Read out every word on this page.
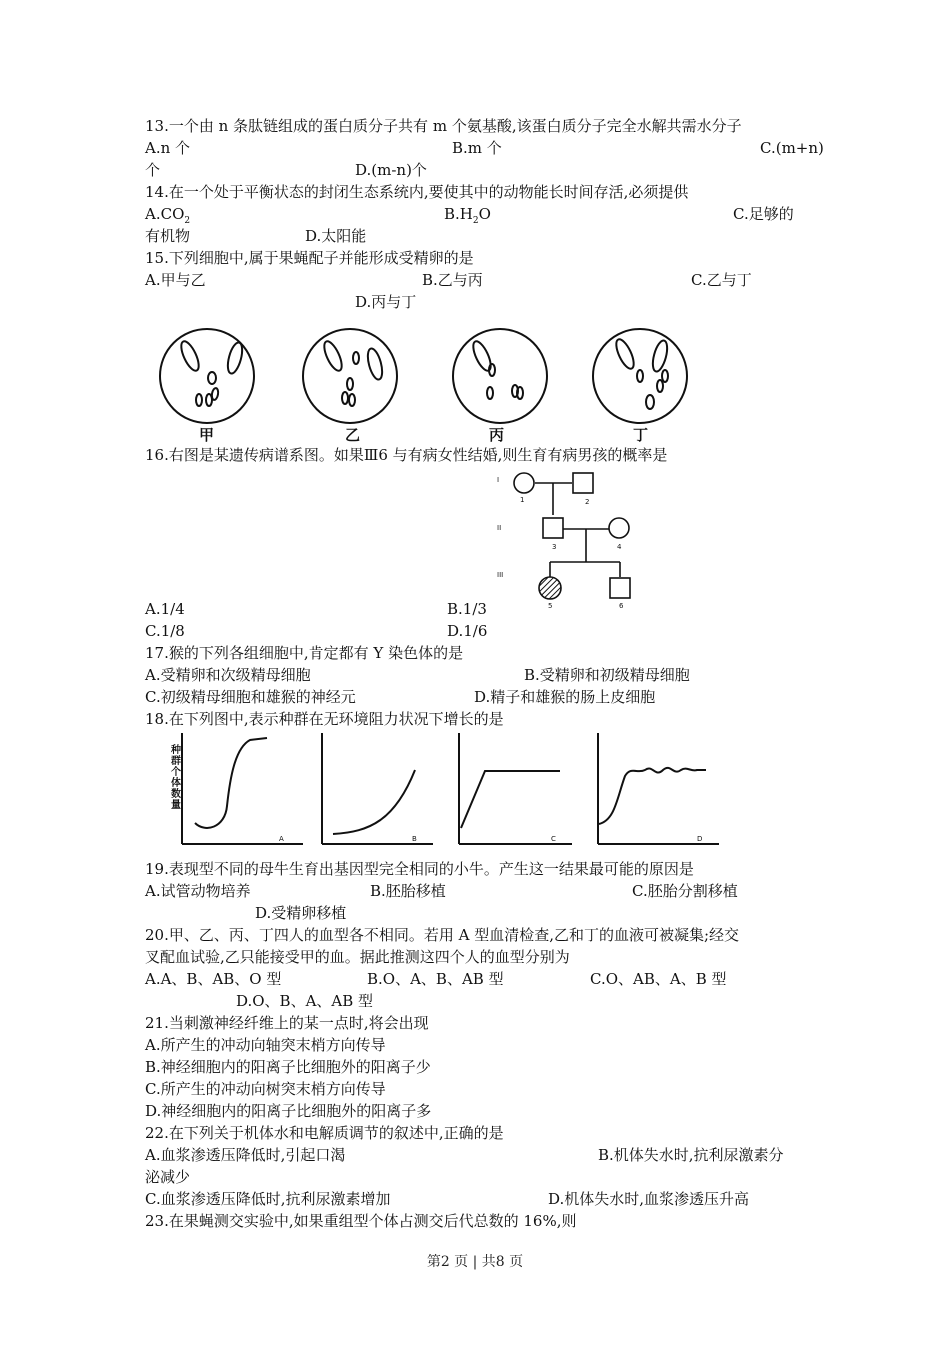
13.一个由 n 条肽链组成的蛋白质分子共有 m 个氨基酸,该蛋白质分子完全水解共需水分子
A.n 个	B.m 个	C.(m+n)
个	D.(m-n)个
14.在一个处于平衡状态的封闭生态系统内,要使其中的动物能长时间存活,必须提供
$A.CO_2$	$B.H_2O$	C.足够的
有机物	D.太阳能
15.下列细胞中,属于果蝇配子并能形成受精卵的是
A.甲与乙	B.乙与丙	C.乙与丁
D.丙与丁
甲	乙	丙	丁
16.右图是某遗传病谱系图。如果Ⅲ6 与有病女性结婚,则生育有病男孩的概率是
I
II
III
1	2
3	4
5	6
A.1/4	B.1/3
C.1/8	D.1/6
17.猴的下列各组细胞中,肯定都有 Y 染色体的是
A.受精卵和次级精母细胞	B.受精卵和初级精母细胞
C.初级精母细胞和雄猴的神经元	D.精子和雄猴的肠上皮细胞
18.在下列图中,表示种群在无环境阻力状况下增长的是
种群个体数量
A	B	C	D
19.表现型不同的母牛生育出基因型完全相同的小牛。产生这一结果最可能的原因是
A.试管动物培养	B.胚胎移植	C.胚胎分割移植
D.受精卵移植
20.甲、乙、丙、丁四人的血型各不相同。若用 A 型血清检查,乙和丁的血液可被凝集;经交
叉配血试验,乙只能接受甲的血。据此推测这四个人的血型分别为
A.A、B、AB、O 型	B.O、A、B、AB 型	C.O、AB、A、B 型
D.O、B、A、AB 型
21.当刺激神经纤维上的某一点时,将会出现
A.所产生的冲动向轴突末梢方向传导
B.神经细胞内的阳离子比细胞外的阳离子少
C.所产生的冲动向树突末梢方向传导
D.神经细胞内的阳离子比细胞外的阳离子多
22.在下列关于机体水和电解质调节的叙述中,正确的是
A.血浆渗透压降低时,引起口渴	B.机体失水时,抗利尿激素分
泌减少
C.血浆渗透压降低时,抗利尿激素增加	D.机体失水时,血浆渗透压升高
23.在果蝇测交实验中,如果重组型个体占测交后代总数的 16%,则
第2 页 | 共8 页
